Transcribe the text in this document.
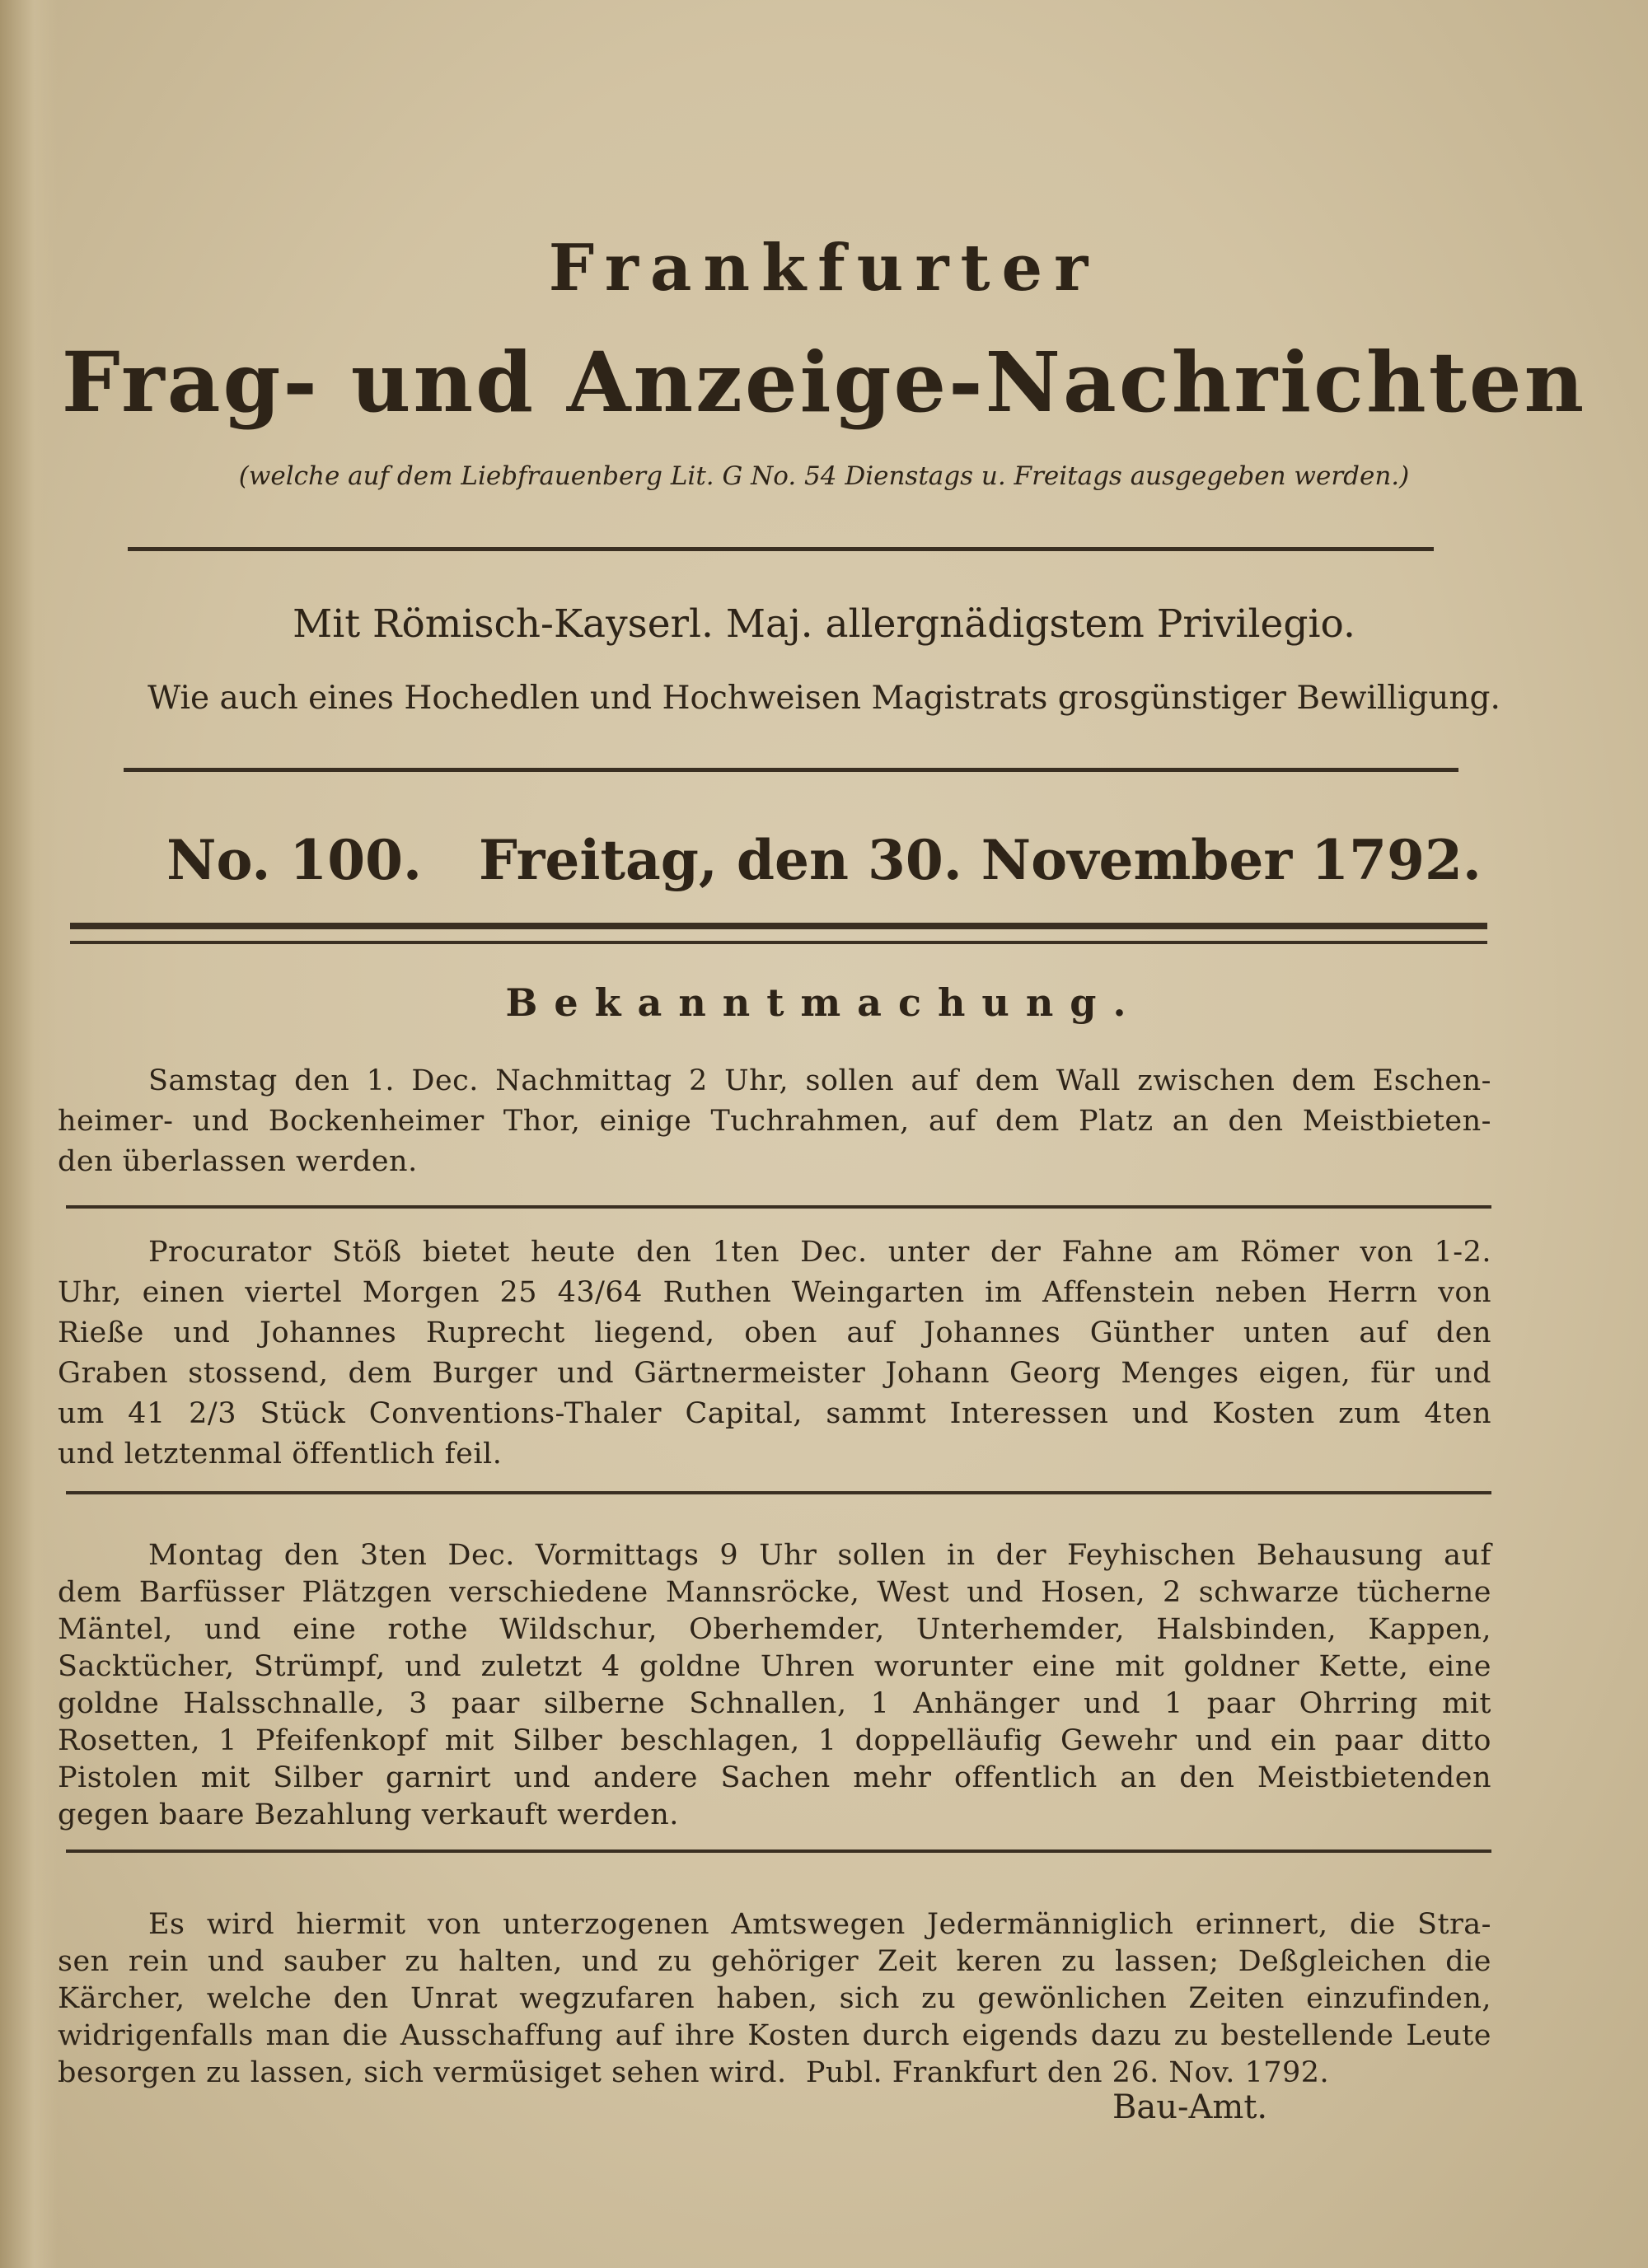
Frankfurter
Frag- und Anzeige-Nachrichten
(welche auf dem Liebfrauenberg Lit. G No. 54 Dienstags u. Freitags ausgegeben werden.)
Mit Römisch-Kayserl. Maj. allergnädigstem Privilegio.
Wie auch eines Hochedlen und Hochweisen Magistrats grosgünstiger Bewilligung.
No. 100.   Freitag, den 30. November 1792.
Bekanntmachung.
Samstag den 1. Dec. Nachmittag 2 Uhr, sollen auf dem Wall zwischen dem Eschen-
heimer- und Bockenheimer Thor, einige Tuchrahmen, auf dem Platz an den Meistbieten-
den überlassen werden.
Procurator Stöß bietet heute den 1ten Dec. unter der Fahne am Römer von 1-2.
Uhr, einen viertel Morgen 25 43/64 Ruthen Weingarten im Affenstein neben Herrn von
Rieße und Johannes Ruprecht liegend, oben auf Johannes Günther unten auf den
Graben stossend, dem Burger und Gärtnermeister Johann Georg Menges eigen, für und
um 41 2/3 Stück Conventions-Thaler Capital, sammt Interessen und Kosten zum 4ten
und letztenmal öffentlich feil.
Montag den 3ten Dec. Vormittags 9 Uhr sollen in der Feyhischen Behausung auf
dem Barfüsser Plätzgen verschiedene Mannsröcke, West und Hosen, 2 schwarze tücherne
Mäntel, und eine rothe Wildschur, Oberhemder, Unterhemder, Halsbinden, Kappen,
Sacktücher, Strümpf, und zuletzt 4 goldne Uhren worunter eine mit goldner Kette, eine
goldne Halsschnalle, 3 paar silberne Schnallen, 1 Anhänger und 1 paar Ohrring mit
Rosetten, 1 Pfeifenkopf mit Silber beschlagen, 1 doppelläufig Gewehr und ein paar ditto
Pistolen mit Silber garnirt und andere Sachen mehr offentlich an den Meistbietenden
gegen baare Bezahlung verkauft werden.
Es wird hiermit von unterzogenen Amtswegen Jedermänniglich erinnert, die Stra-
sen rein und sauber zu halten, und zu gehöriger Zeit keren zu lassen; Deßgleichen die
Kärcher, welche den Unrat wegzufaren haben, sich zu gewönlichen Zeiten einzufinden,
widrigenfalls man die Ausschaffung auf ihre Kosten durch eigends dazu zu bestellende Leute
besorgen zu lassen, sich vermüsiget sehen wird.  Publ. Frankfurt den 26. Nov. 1792.
Bau-Amt.
